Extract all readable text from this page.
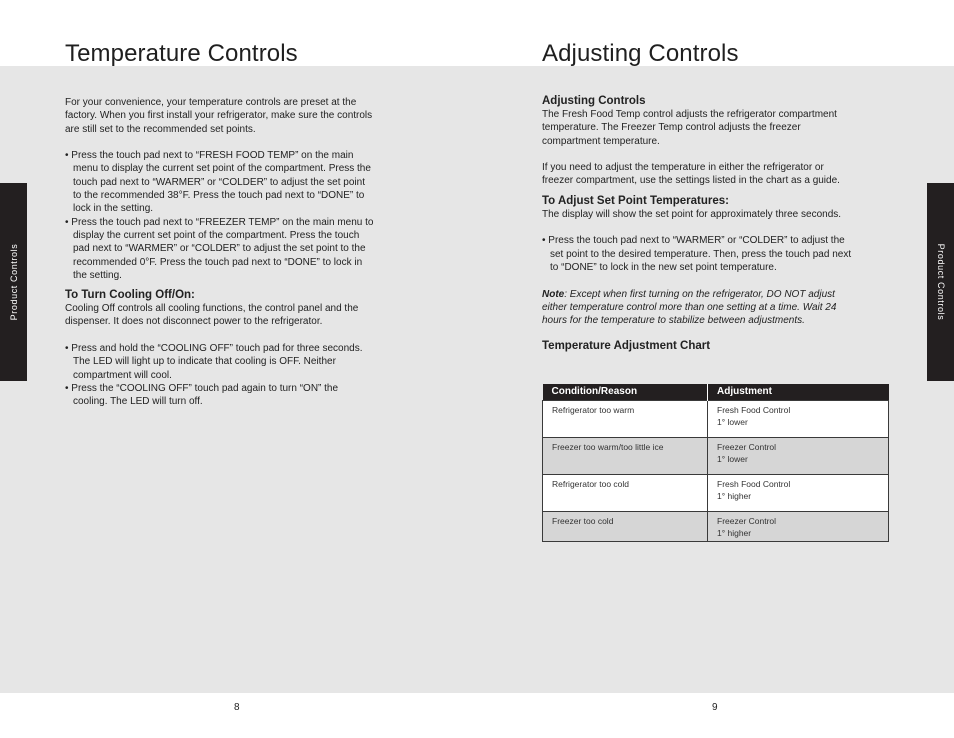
Temperature Controls
Product Controls

For your convenience, your temperature controls are preset at the

factory. When you first install your refrigerator, make sure the controls

are still set to the recommended set points.

• Press the touch pad next to “FRESH FOOD TEMP” on the main

menu to display the current set point of the compartment. Press the

touch pad next to “WARMER” or “COLDER” to adjust the set point

to the recommended 38°F. Press the touch pad next to “DONE” to

lock in the setting.

• Press the touch pad next to “FREEZER TEMP” on the main menu to

display the current set point of the compartment. Press the touch

pad next to “WARMER” or “COLDER” to adjust the set point to the

recommended 0°F. Press the touch pad next to “DONE” to lock in

the setting.

To Turn Cooling Off/On:

Cooling Off controls all cooling functions, the control panel and the

dispenser. It does not disconnect power to the refrigerator.

• Press and hold the “COOLING OFF” touch pad for three seconds.

The LED will light up to indicate that cooling is OFF. Neither

compartment will cool.

• Press the “COOLING OFF” touch pad again to turn “ON” the

cooling. The LED will turn off.

8
Adjusting Controls
Product Controls

Adjusting Controls

The Fresh Food Temp control adjusts the refrigerator compartment

temperature. The Freezer Temp control adjusts the freezer

compartment temperature.

If you need to adjust the temperature in either the refrigerator or

freezer compartment, use the settings listed in the chart as a guide.

To Adjust Set Point Temperatures:

The display will show the set point for approximately three seconds.

• Press the touch pad next to “WARMER” or “COLDER” to adjust the

set point to the desired temperature. Then, press the touch pad next

to “DONE” to lock in the new set point temperature.

Note: Except when first turning on the refrigerator, DO NOT adjust

either temperature control more than one setting at a time. Wait 24

hours for the temperature to stabilize between adjustments.

Temperature Adjustment Chart

Condition/Reason	Adjustment
Refrigerator too warm	Fresh Food Control
1° lower

Freezer too warm/too little ice	Freezer Control
1° lower

Refrigerator too cold	Fresh Food Control
1° higher

Freezer too cold	Freezer Control
1° higher
9
